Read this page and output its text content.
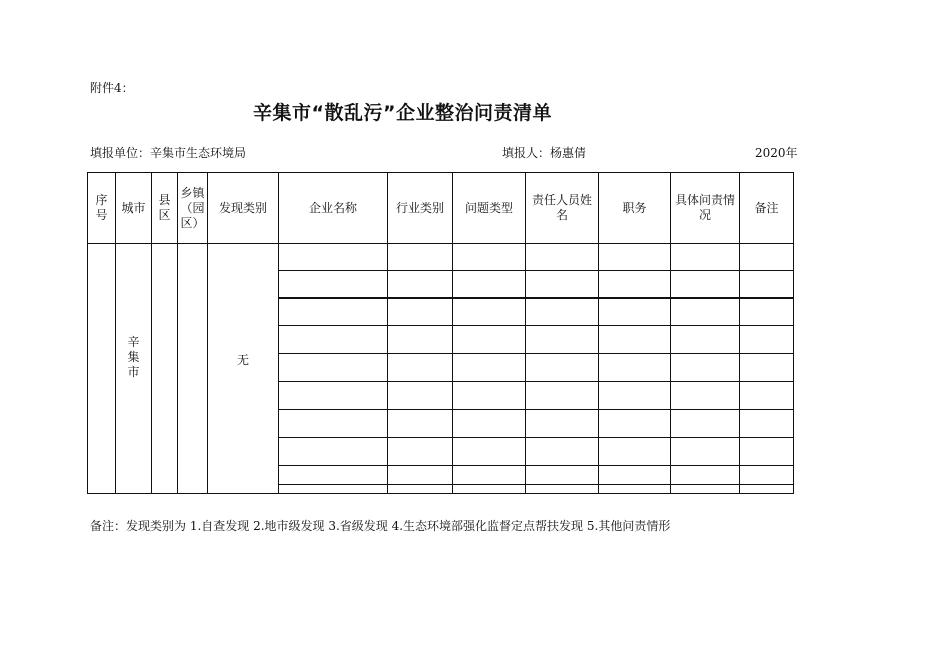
附件4：
辛集市“散乱污”企业整治问责清单
填报单位：辛集市生态环境局	填报人：杨惠倩	2020年
序号	城市	县区	乡镇（园区）	发现类别	企业名称	行业类别	问题类型	责任人员姓名	职务	具体问责情况	备注
	辛集市			无							

备注：发现类别为 1.自查发现 2.地市级发现 3.省级发现 4.生态环境部强化监督定点帮扶发现 5.其他问责情形
